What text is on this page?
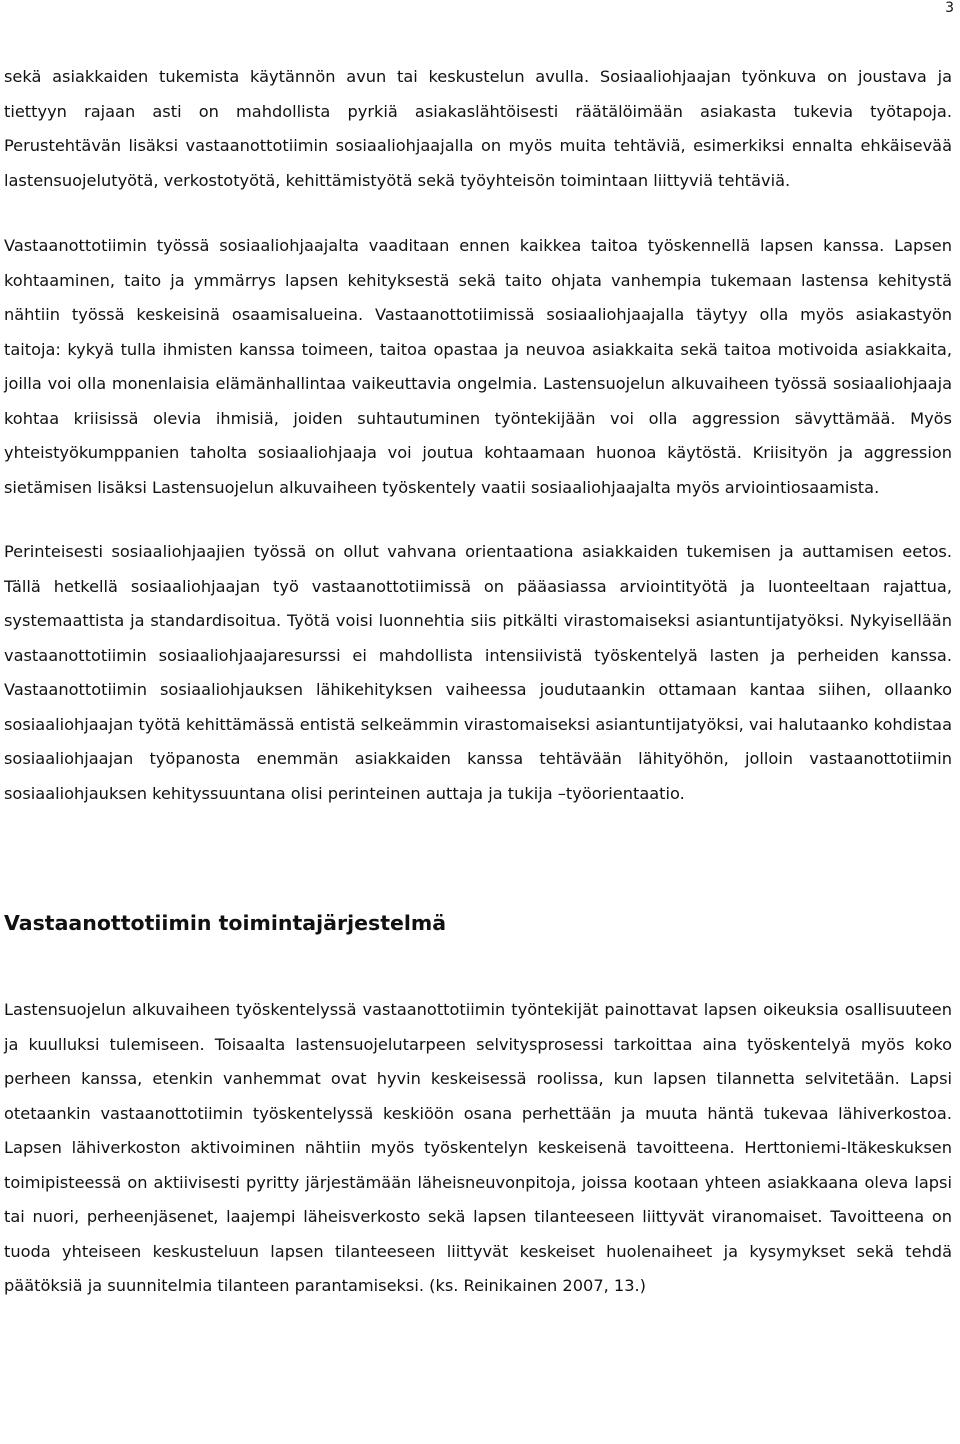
3

sekä asiakkaiden tukemista käytännön avun tai keskustelun avulla. Sosiaaliohjaajan työnkuva on joustava ja tiettyyn rajaan asti on mahdollista pyrkiä asiakaslähtöisesti räätälöimään asiakasta tukevia työtapoja. Perustehtävän lisäksi vastaanottotiimin sosiaaliohjaajalla on myös muita tehtäviä, esimerkiksi ennalta ehkäisevää lastensuojelutyötä, verkostotyötä, kehittämistyötä sekä työyhteisön toimintaan liittyviä tehtäviä.

Vastaanottotiimin työssä sosiaaliohjaajalta vaaditaan ennen kaikkea taitoa työskennellä lapsen kanssa. Lapsen kohtaaminen, taito ja ymmärrys lapsen kehityksestä sekä taito ohjata vanhempia tukemaan lastensa kehitystä nähtiin työssä keskeisinä osaamisalueina. Vastaanottotiimissä sosiaaliohjaajalla täytyy olla myös asiakastyön taitoja: kykyä tulla ihmisten kanssa toimeen, taitoa opastaa ja neuvoa asiakkaita sekä taitoa motivoida asiakkaita, joilla voi olla monenlaisia elämänhallintaa vaikeuttavia ongelmia. Lastensuojelun alkuvaiheen työssä sosiaaliohjaaja kohtaa kriisissä olevia ihmisiä, joiden suhtautuminen työntekijään voi olla aggression sävyttämää. Myös yhteistyökumppanien taholta sosiaaliohjaaja voi joutua kohtaamaan huonoa käytöstä. Kriisityön ja aggression sietämisen lisäksi Lastensuojelun alkuvaiheen työskentely vaatii sosiaaliohjaajalta myös arviointiosaamista.

Perinteisesti sosiaaliohjaajien työssä on ollut vahvana orientaationa asiakkaiden tukemisen ja auttamisen eetos. Tällä hetkellä sosiaaliohjaajan työ vastaanottotiimissä on pääasiassa arviointityötä ja luonteeltaan rajattua, systemaattista ja standardisoitua. Työtä voisi luonnehtia siis pitkälti virastomaiseksi asiantuntijatyöksi. Nykyisellään vastaanottotiimin sosiaaliohjaajaresurssi ei mahdollista intensiivistä työskentelyä lasten ja perheiden kanssa. Vastaanottotiimin sosiaaliohjauksen lähikehityksen vaiheessa joudutaankin ottamaan kantaa siihen, ollaanko sosiaaliohjaajan työtä kehittämässä entistä selkeämmin virastomaiseksi asiantuntijatyöksi, vai halutaanko kohdistaa sosiaaliohjaajan työpanosta enemmän asiakkaiden kanssa tehtävään lähityöhön, jolloin vastaanottotiimin sosiaaliohjauksen kehityssuuntana olisi perinteinen auttaja ja tukija –työorientaatio.

Vastaanottotiimin toimintajärjestelmä

Lastensuojelun alkuvaiheen työskentelyssä vastaanottotiimin työntekijät painottavat lapsen oikeuksia osallisuuteen ja kuulluksi tulemiseen. Toisaalta lastensuojelutarpeen selvitysprosessi tarkoittaa aina työskentelyä myös koko perheen kanssa, etenkin vanhemmat ovat hyvin keskeisessä roolissa, kun lapsen tilannetta selvitetään. Lapsi otetaankin vastaanottotiimin työskentelyssä keskiöön osana perhettään ja muuta häntä tukevaa lähiverkostoa. Lapsen lähiverkoston aktivoiminen nähtiin myös työskentelyn keskeisenä tavoitteena. Herttoniemi-Itäkeskuksen toimipisteessä on aktiivisesti pyritty järjestämään läheisneuvonpitoja, joissa kootaan yhteen asiakkaana oleva lapsi tai nuori, perheenjäsenet, laajempi läheisverkosto sekä lapsen tilanteeseen liittyvät viranomaiset. Tavoitteena on tuoda yhteiseen keskusteluun lapsen tilanteeseen liittyvät keskeiset huolenaiheet ja kysymykset sekä tehdä päätöksiä ja suunnitelmia tilanteen parantamiseksi. (ks. Reinikainen 2007, 13.)
